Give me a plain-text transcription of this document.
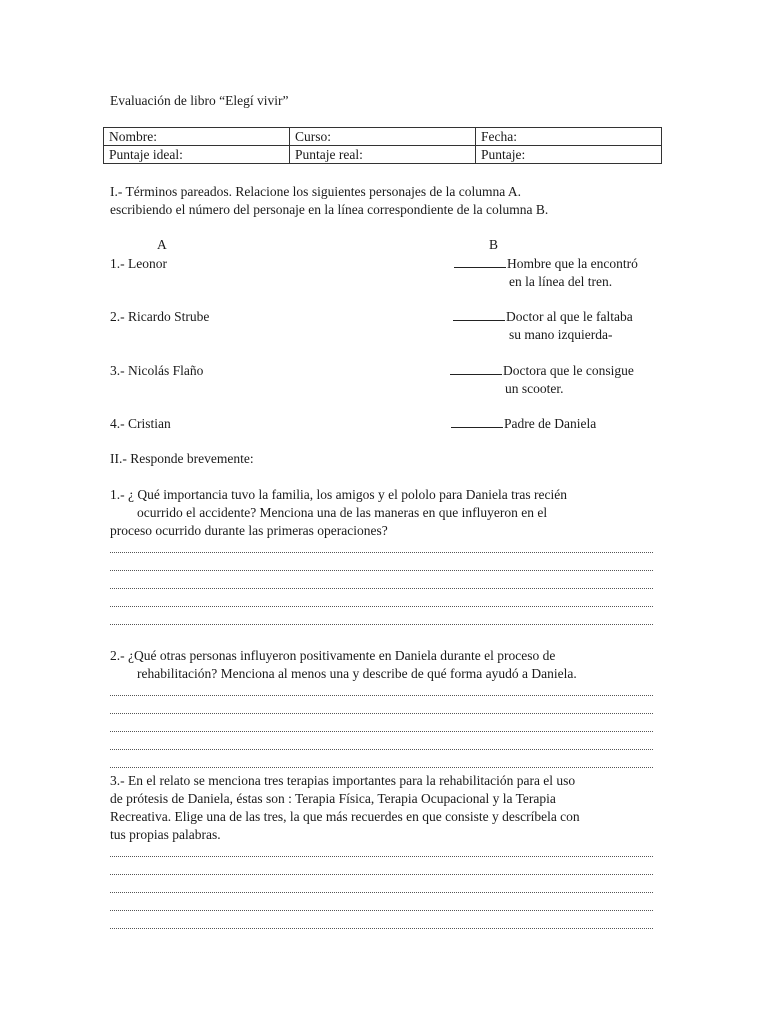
Evaluación de libro “Elegí vivir”
Nombre:	Curso:	Fecha:
Puntaje ideal:	Puntaje real:	Puntaje:
I.- Términos pareados. Relacione los siguientes personajes de la columna A.
escribiendo el número del personaje en la línea correspondiente de la columna B.
A	B
1.- Leonor	Hombre que la encontró
en la línea del tren.
2.- Ricardo Strube	Doctor al que le faltaba
su mano izquierda-
3.- Nicolás Flaño	Doctora que le consigue
un scooter.
4.- Cristian	Padre de Daniela
II.- Responde brevemente:
1.- ¿ Qué importancia tuvo la familia, los amigos y el pololo para Daniela tras recién
ocurrido el accidente? Menciona una de las maneras en que influyeron en el
proceso ocurrido durante las primeras operaciones?
2.- ¿Qué otras personas influyeron positivamente en Daniela durante el proceso de
rehabilitación? Menciona al menos una y describe de qué forma ayudó a Daniela.
3.- En el relato se menciona tres terapias importantes para la rehabilitación para el uso
de prótesis de Daniela, éstas son : Terapia Física, Terapia Ocupacional y la Terapia
Recreativa. Elige una de las tres, la que más recuerdes en que consiste y descríbela con
tus propias palabras.
